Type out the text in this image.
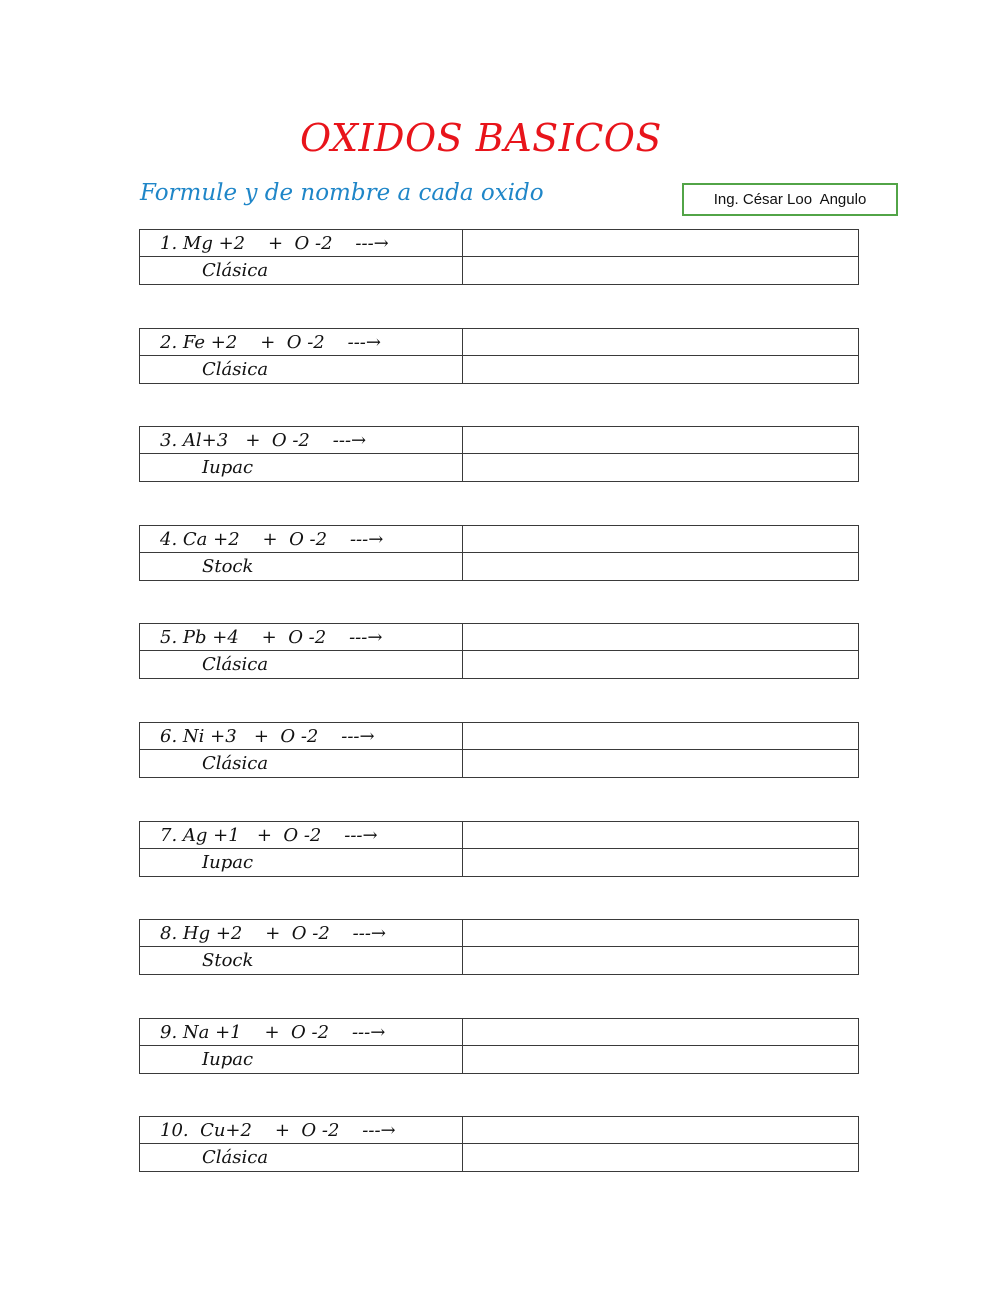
OXIDOS BASICOS
Formule y de nombre a cada oxido	Ing. César Loo  Angulo
1. Mg +2    +  O -2    ---→
Clásica
2. Fe +2    +  O -2    ---→
Clásica
3. Al+3   +  O -2    ---→
Iupac
4. Ca +2    +  O -2    ---→
Stock
5. Pb +4    +  O -2    ---→
Clásica
6. Ni +3   +  O -2    ---→
Clásica
7. Ag +1   +  O -2    ---→
Iupac
8. Hg +2    +  O -2    ---→
Stock
9. Na +1    +  O -2    ---→
Iupac
10.  Cu+2    +  O -2    ---→
Clásica
